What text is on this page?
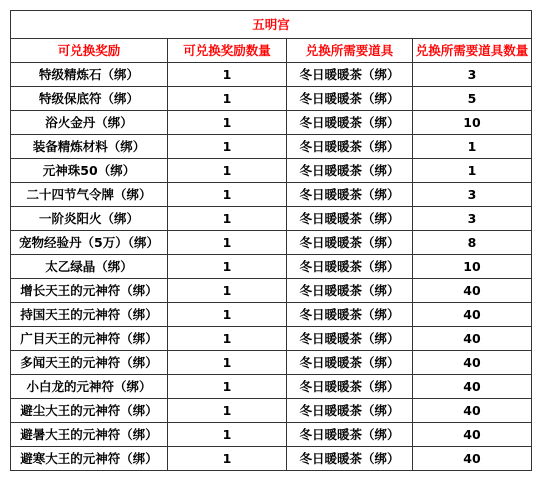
五明宫			
可兑换奖励	可兑换奖励数量	兑换所需要道具	兑换所需要道具数量
特级精炼石（绑）	1	冬日暖暖茶（绑）	3
特级保底符（绑）	1	冬日暖暖茶（绑）	5
浴火金丹（绑）	1	冬日暖暖茶（绑）	10
装备精炼材料（绑）	1	冬日暖暖茶（绑）	1
元神珠50（绑）	1	冬日暖暖茶（绑）	1
二十四节气令牌（绑）	1	冬日暖暖茶（绑）	3
一阶炎阳火（绑）	1	冬日暖暖茶（绑）	3
宠物经验丹（5万）（绑）	1	冬日暖暖茶（绑）	8
太乙绿晶（绑）	1	冬日暖暖茶（绑）	10
增长天王的元神符（绑）	1	冬日暖暖茶（绑）	40
持国天王的元神符（绑）	1	冬日暖暖茶（绑）	40
广目天王的元神符（绑）	1	冬日暖暖茶（绑）	40
多闻天王的元神符（绑）	1	冬日暖暖茶（绑）	40
小白龙的元神符（绑）	1	冬日暖暖茶（绑）	40
避尘大王的元神符（绑）	1	冬日暖暖茶（绑）	40
避暑大王的元神符（绑）	1	冬日暖暖茶（绑）	40
避寒大王的元神符（绑）	1	冬日暖暖茶（绑）	40
